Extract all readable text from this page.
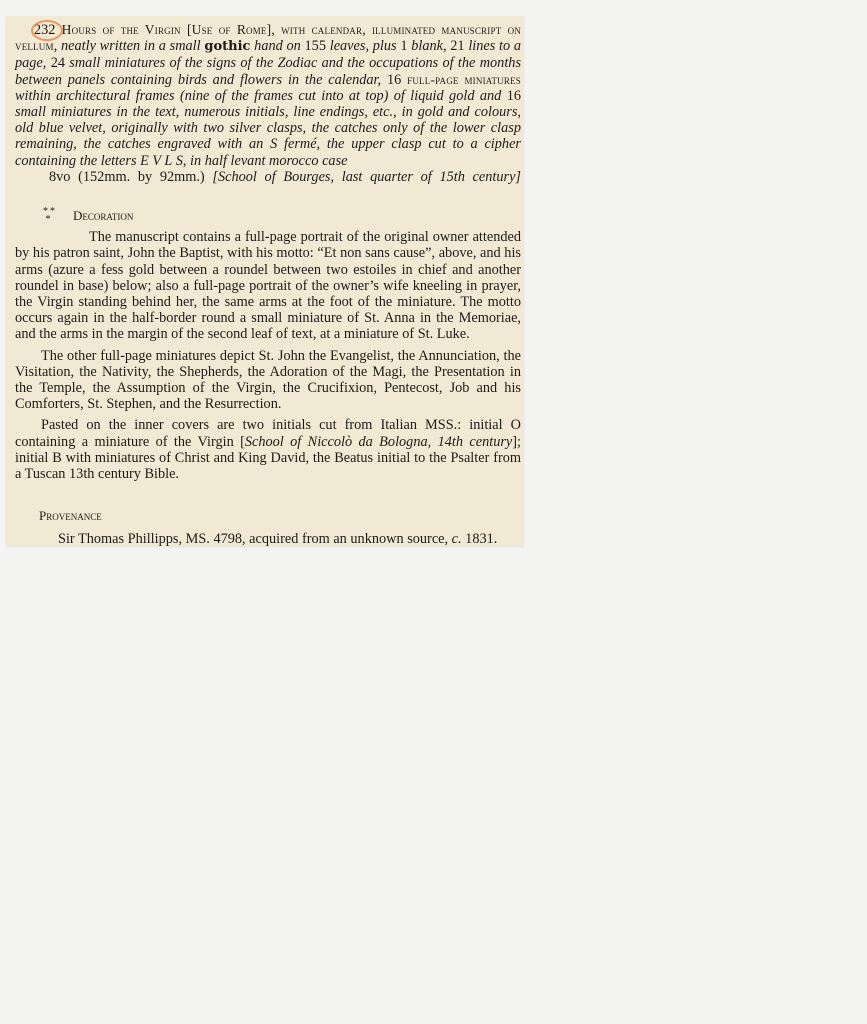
232 Hours of the Virgin [Use of Rome], with calendar, illuminated manuscript on vellum, neatly written in a small gothic hand on 155 leaves, plus 1 blank, 21 lines to a page, 24 small miniatures of the signs of the Zodiac and the occupations of the months between panels containing birds and flowers in the calendar, 16 full-page miniatures within architectural frames (nine of the frames cut into at top) of liquid gold and 16 small miniatures in the text, numerous initials, line endings, etc., in gold and colours, old blue velvet, originally with two silver clasps, the catches only of the lower clasp remaining, the catches engraved with an S fermé, the upper clasp cut to a cipher containing the letters E V L S, in half levant morocco case

8vo (152mm. by 92mm.) [School of Bourges, last quarter of 15th century]

* *
*	Decoration

The manuscript contains a full-page portrait of the original owner attended by his patron saint, John the Baptist, with his motto: “Et non sans cause”, above, and his arms (azure a fess gold between a roundel between two estoiles in chief and another roundel in base) below; also a full-page portrait of the owner’s wife kneeling in prayer, the Virgin standing behind her, the same arms at the foot of the miniature. The motto occurs again in the half-border round a small miniature of St. Anna in the Memoriae, and the arms in the margin of the second leaf of text, at a miniature of St. Luke.

The other full-page miniatures depict St. John the Evangelist, the Annunciation, the Visitation, the Nativity, the Shepherds, the Adoration of the Magi, the Presentation in the Temple, the Assumption of the Virgin, the Crucifixion, Pentecost, Job and his Comforters, St. Stephen, and the Resurrection.

Pasted on the inner covers are two initials cut from Italian MSS.: initial O containing a miniature of the Virgin [School of Niccolò da Bologna, 14th century]; initial B with miniatures of Christ and King David, the Beatus initial to the Psalter from a Tuscan 13th century Bible.

Provenance

Sir Thomas Phillipps, MS. 4798, acquired from an unknown source, c. 1831.
